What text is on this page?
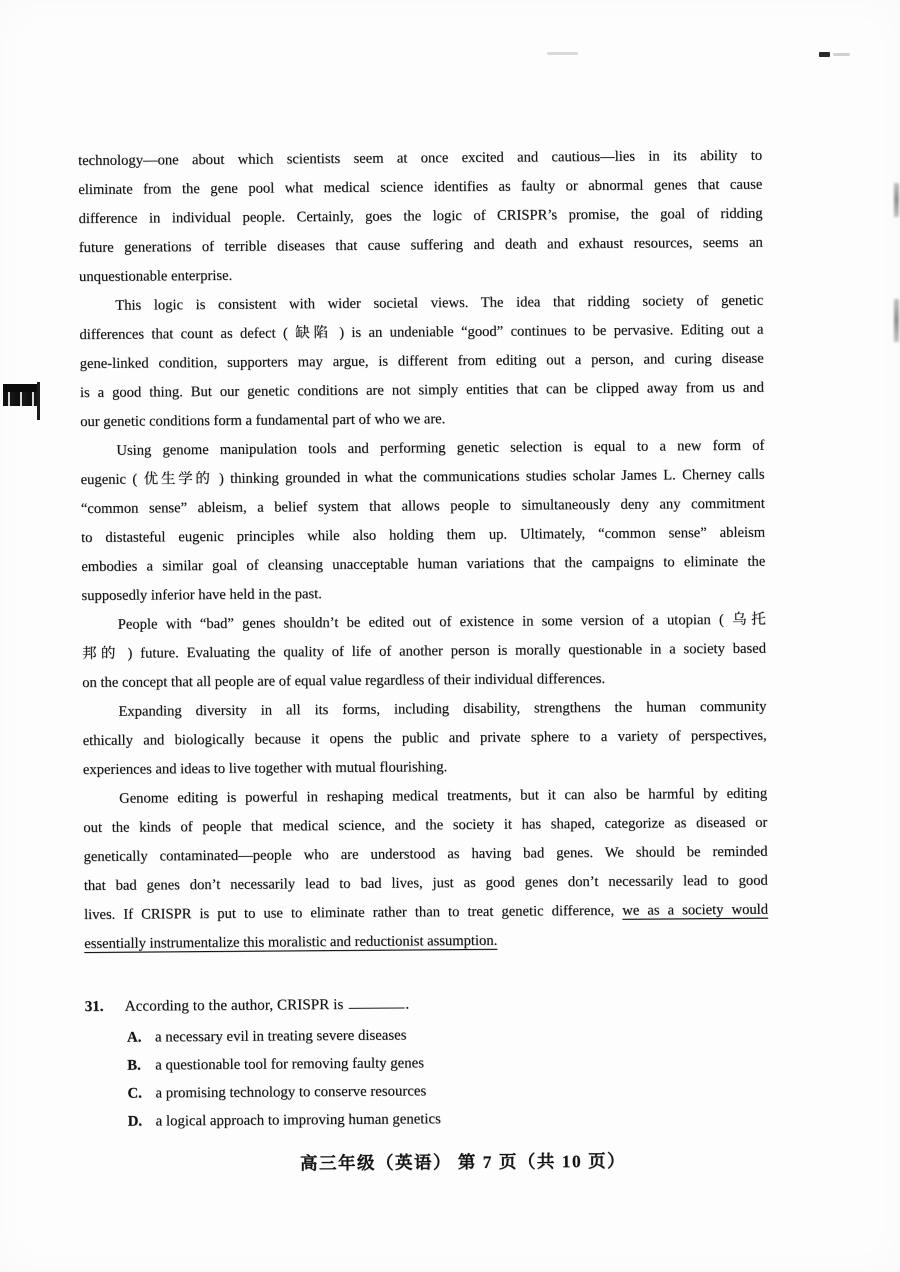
technology—one about which scientists seem at once excited and cautious—lies in its ability to
eliminate from the gene pool what medical science identifies as faulty or abnormal genes that cause
difference in individual people. Certainly, goes the logic of CRISPR’s promise, the goal of ridding
future generations of terrible diseases that cause suffering and death and exhaust resources, seems an
unquestionable enterprise.
This logic is consistent with wider societal views. The idea that ridding society of genetic
differences that count as defect ( 缺陷 ) is an undeniable “good” continues to be pervasive. Editing out a
gene-linked condition, supporters may argue, is different from editing out a person, and curing disease
is a good thing. But our genetic conditions are not simply entities that can be clipped away from us and
our genetic conditions form a fundamental part of who we are.
Using genome manipulation tools and performing genetic selection is equal to a new form of
eugenic ( 优生学的 ) thinking grounded in what the communications studies scholar James L. Cherney calls
“common sense” ableism, a belief system that allows people to simultaneously deny any commitment
to distasteful eugenic principles while also holding them up. Ultimately, “common sense” ableism
embodies a similar goal of cleansing unacceptable human variations that the campaigns to eliminate the
supposedly inferior have held in the past.
People with “bad” genes shouldn’t be edited out of existence in some version of a utopian ( 乌托
邦的 ) future. Evaluating the quality of life of another person is morally questionable in a society based
on the concept that all people are of equal value regardless of their individual differences.
Expanding diversity in all its forms, including disability, strengthens the human community
ethically and biologically because it opens the public and private sphere to a variety of perspectives,
experiences and ideas to live together with mutual flourishing.
Genome editing is powerful in reshaping medical treatments, but it can also be harmful by editing
out the kinds of people that medical science, and the society it has shaped, categorize as diseased or
genetically contaminated—people who are understood as having bad genes. We should be reminded
that bad genes don’t necessarily lead to bad lives, just as good genes don’t necessarily lead to good
lives. If CRISPR is put to use to eliminate rather than to treat genetic difference, we as a society would
essentially instrumentalize this moralistic and reductionist assumption.
31. According to the author, CRISPR is	.
A. a necessary evil in treating severe diseases
B. a questionable tool for removing faulty genes
C. a promising technology to conserve resources
D. a logical approach to improving human genetics
高三年级（英语） 第 7 页（共 10 页）
